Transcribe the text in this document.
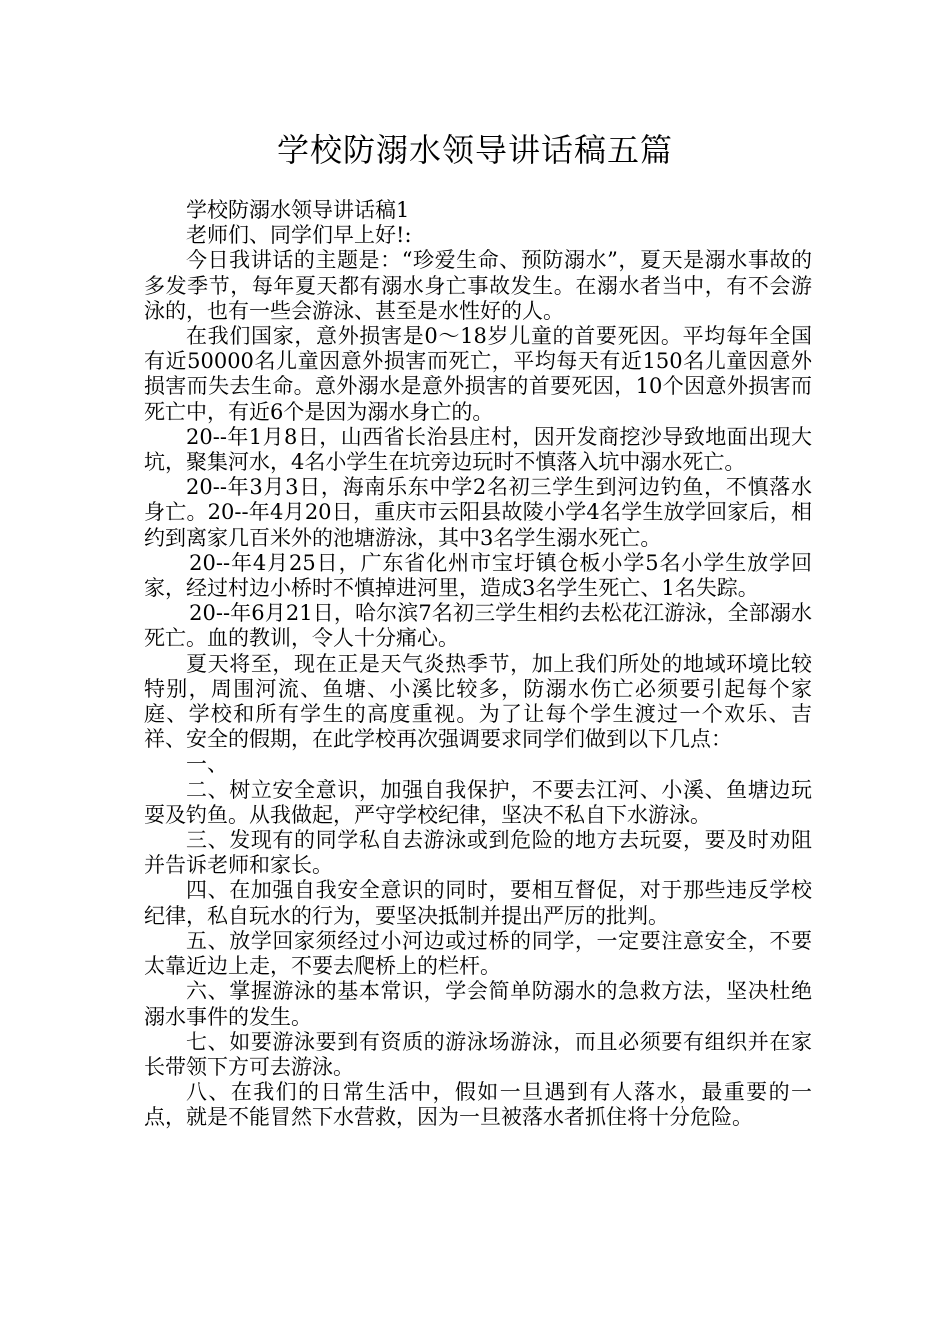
学校防溺水领导讲话稿五篇

学校防溺水领导讲话稿1

老师们、同学们早上好!:

今日我讲话的主题是：“珍爱生命、预防溺水”，夏天是溺水事故的多发季节，每年夏天都有溺水身亡事故发生。在溺水者当中，有不会游泳的，也有一些会游泳、甚至是水性好的人。

在我们国家，意外损害是0～18岁儿童的首要死因。平均每年全国有近50000名儿童因意外损害而死亡，平均每天有近150名儿童因意外损害而失去生命。意外溺水是意外损害的首要死因，10个因意外损害而死亡中，有近6个是因为溺水身亡的。

20--年1月8日，山西省长治县庄村，因开发商挖沙导致地面出现大坑，聚集河水，4名小学生在坑旁边玩时不慎落入坑中溺水死亡。

20--年3月3日，海南乐东中学2名初三学生到河边钓鱼，不慎落水身亡。20--年4月20日，重庆市云阳县故陵小学4名学生放学回家后，相约到离家几百米外的池塘游泳，其中3名学生溺水死亡。

20--年4月25日，广东省化州市宝圩镇仓板小学5名小学生放学回家，经过村边小桥时不慎掉进河里，造成3名学生死亡、1名失踪。

20--年6月21日，哈尔滨7名初三学生相约去松花江游泳，全部溺水死亡。血的教训，令人十分痛心。

夏天将至，现在正是天气炎热季节，加上我们所处的地域环境比较特别，周围河流、鱼塘、小溪比较多，防溺水伤亡必须要引起每个家庭、学校和所有学生的高度重视。为了让每个学生渡过一个欢乐、吉祥、安全的假期，在此学校再次强调要求同学们做到以下几点：

一、

二、树立安全意识，加强自我保护，不要去江河、小溪、鱼塘边玩耍及钓鱼。从我做起，严守学校纪律，坚决不私自下水游泳。

三、发现有的同学私自去游泳或到危险的地方去玩耍，要及时劝阻并告诉老师和家长。

四、在加强自我安全意识的同时，要相互督促，对于那些违反学校纪律，私自玩水的行为，要坚决抵制并提出严厉的批判。

五、放学回家须经过小河边或过桥的同学，一定要注意安全，不要太靠近边上走，不要去爬桥上的栏杆。

六、掌握游泳的基本常识，学会简单防溺水的急救方法，坚决杜绝溺水事件的发生。

七、如要游泳要到有资质的游泳场游泳，而且必须要有组织并在家长带领下方可去游泳。

八、在我们的日常生活中，假如一旦遇到有人落水，最重要的一点，就是不能冒然下水营救，因为一旦被落水者抓住将十分危险。
